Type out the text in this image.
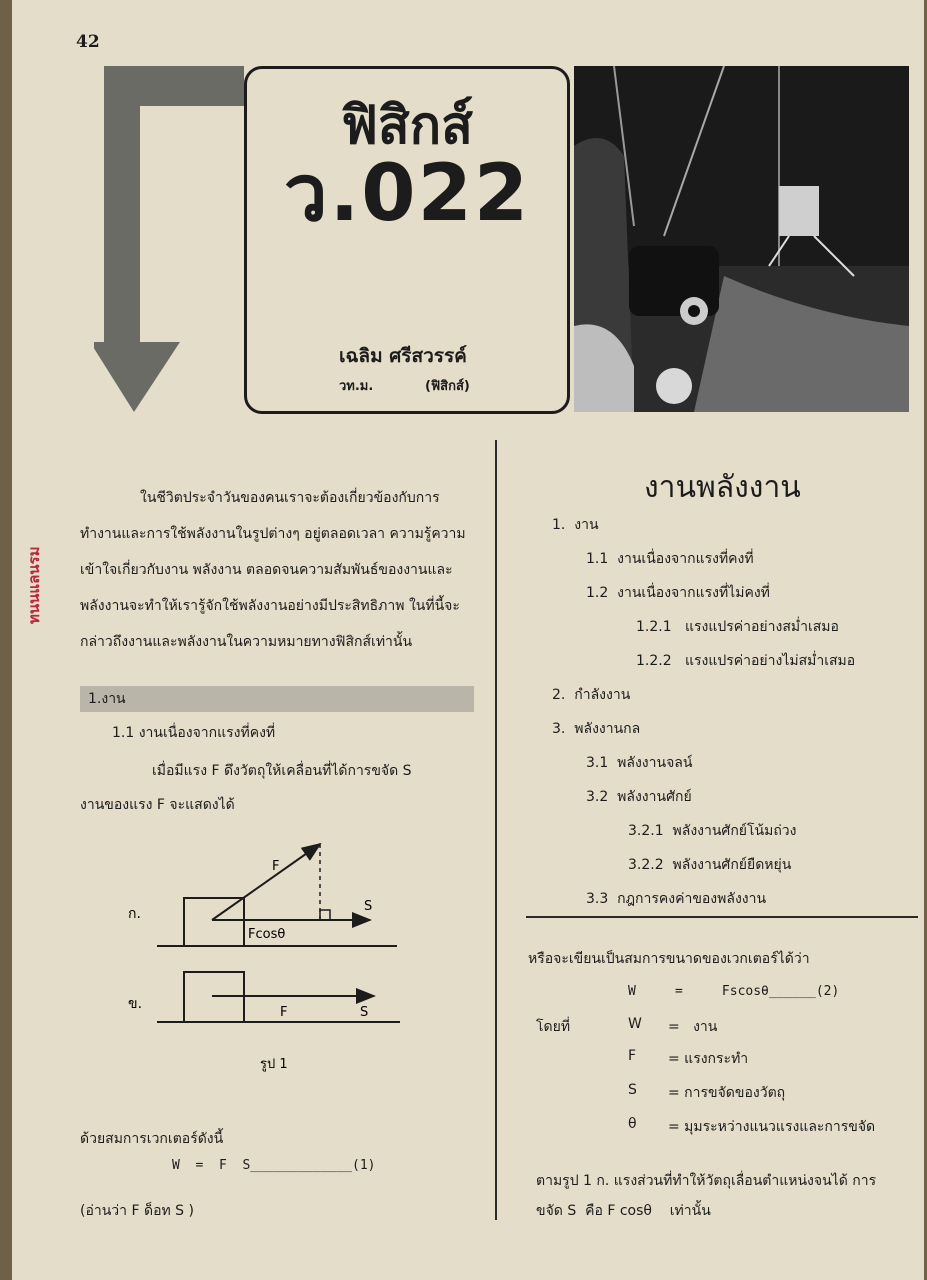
42
ฟิสิกส์
ว.022
เฉลิม ศรีสวรรค์
วท.ม.	(ฟิสิกส์)
ทนนแลนรม

ในชีวิตประจำวันของคนเราจะต้องเกี่ยวข้องกับการทำงานและการใช้พลังงานในรูปต่างๆ อยู่ตลอดเวลา ความรู้ความเข้าใจเกี่ยวกับงาน พลังงาน ตลอดจนความสัมพันธ์ของงานและพลังงานจะทำให้เรารู้จักใช้พลังงานอย่างมีประสิทธิภาพ ในที่นี้จะกล่าวถึงงานและพลังงานในความหมายทางฟิสิกส์เท่านั้น

1.งาน
1.1 งานเนื่องจากแรงที่คงที่
เมื่อมีแรง F ดึงวัตถุให้เคลื่อนที่ได้การขจัด S
งานของแรง F จะแสดงได้
ก.
F
S
Fcosθ
ข.
F	S
รูป 1
ด้วยสมการเวกเตอร์ดังนี้
W  =  F  S_____________(1)
(อ่านว่า F ด็อท S )
งานพลังงาน
1.  งาน
1.1  งานเนื่องจากแรงที่คงที่
1.2  งานเนื่องจากแรงที่ไม่คงที่
1.2.1   แรงแปรค่าอย่างสม่ำเสมอ
1.2.2   แรงแปรค่าอย่างไม่สม่ำเสมอ
2.  กำลังงาน
3.  พลังงานกล
3.1  พลังงานจลน์
3.2  พลังงานศักย์
3.2.1  พลังงานศักย์โน้มถ่วง
3.2.2  พลังงานศักย์ยืดหยุ่น
3.3  กฎการคงค่าของพลังงาน
หรือจะเขียนเป็นสมการขนาดของเวกเตอร์ได้ว่า
W     =     Fscosθ______(2)
โดยที่	W =   งาน
F = แรงกระทำ
S = การขจัดของวัตถุ
θ = มุมระหว่างแนวแรงและการขจัด
ตามรูป 1 ก. แรงส่วนที่ทำให้วัตถุเลื่อนตำแหน่งจนได้ การ
ขจัด S  คือ F cosθ    เท่านั้น
